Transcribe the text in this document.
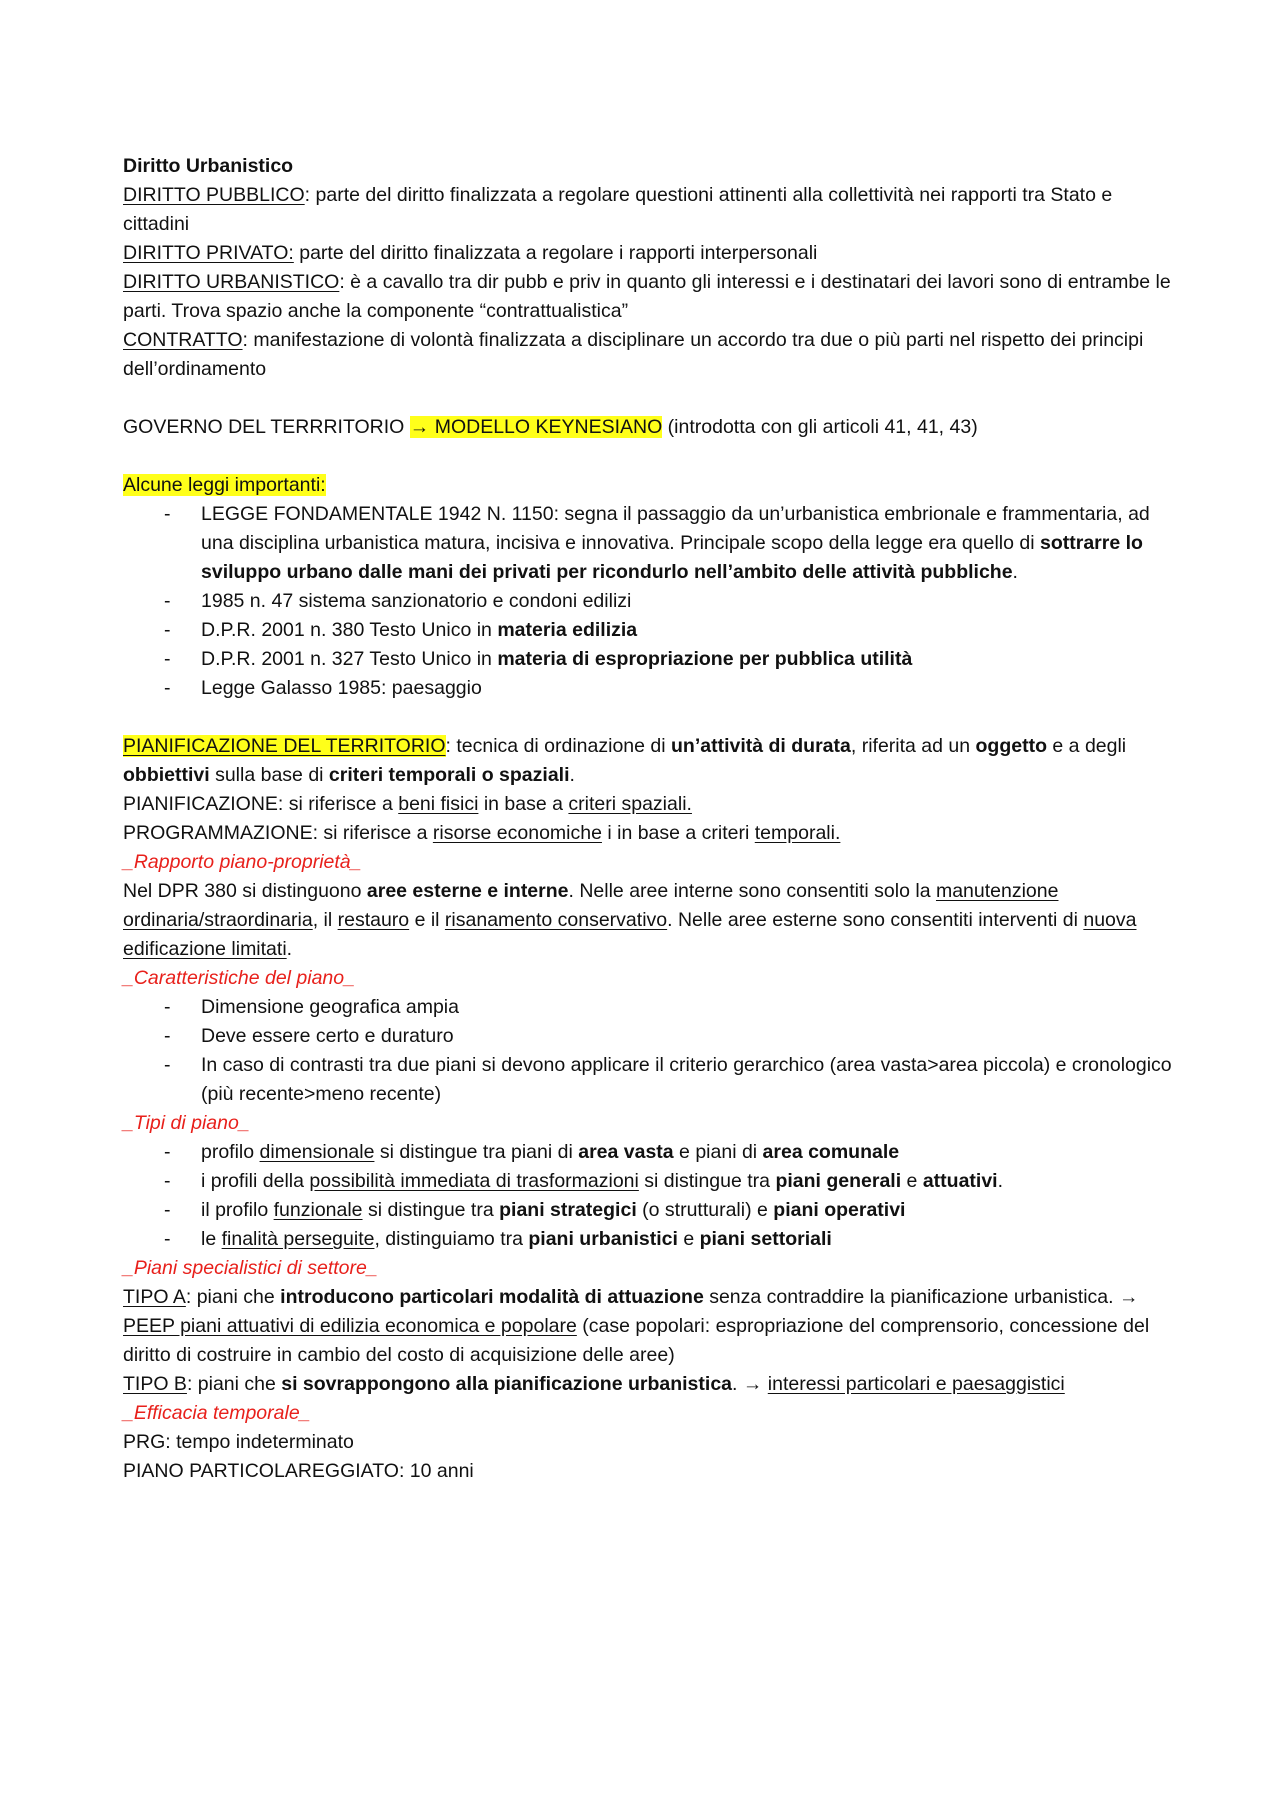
Diritto Urbanistico

DIRITTO PUBBLICO: parte del diritto finalizzata a regolare questioni attinenti alla collettività nei rapporti tra Stato e cittadini

DIRITTO PRIVATO: parte del diritto finalizzata a regolare i rapporti interpersonali

DIRITTO URBANISTICO: è a cavallo tra dir pubb e priv in quanto gli interessi e i destinatari dei lavori sono di entrambe le parti. Trova spazio anche la componente “contrattualistica”

CONTRATTO: manifestazione di volontà finalizzata a disciplinare un accordo tra due o più parti nel rispetto dei principi dell’ordinamento

GOVERNO DEL TERRRITORIO → MODELLO KEYNESIANO (introdotta con gli articoli 41, 41, 43)

Alcune leggi importanti:

- LEGGE FONDAMENTALE 1942 N. 1150: segna il passaggio da un’urbanistica embrionale e frammentaria, ad una disciplina urbanistica matura, incisiva e innovativa. Principale scopo della legge era quello di sottrarre lo sviluppo urbano dalle mani dei privati per ricondurlo nell’ambito delle attività pubbliche.
- 1985 n. 47 sistema sanzionatorio e condoni edilizi
- D.P.R. 2001 n. 380 Testo Unico in materia edilizia
- D.P.R. 2001 n. 327 Testo Unico in materia di espropriazione per pubblica utilità
- Legge Galasso 1985: paesaggio

PIANIFICAZIONE DEL TERRITORIO: tecnica di ordinazione di un’attività di durata, riferita ad un oggetto e a degli obbiettivi sulla base di criteri temporali o spaziali.

PIANIFICAZIONE: si riferisce a beni fisici in base a criteri spaziali.

PROGRAMMAZIONE: si riferisce a risorse economiche i in base a criteri temporali.

_Rapporto piano-proprietà_

Nel DPR 380 si distinguono aree esterne e interne. Nelle aree interne sono consentiti solo la manutenzione ordinaria/straordinaria, il restauro e il risanamento conservativo. Nelle aree esterne sono consentiti interventi di nuova edificazione limitati.

_Caratteristiche del piano_

- Dimensione geografica ampia
- Deve essere certo e duraturo
- In caso di contrasti tra due piani si devono applicare il criterio gerarchico (area vasta>area piccola) e cronologico (più recente>meno recente)

_Tipi di piano_

- profilo dimensionale si distingue tra piani di area vasta e piani di area comunale
- i profili della possibilità immediata di trasformazioni si distingue tra piani generali e attuativi.
- il profilo funzionale si distingue tra piani strategici (o strutturali) e piani operativi
- le finalità perseguite, distinguiamo tra piani urbanistici e piani settoriali

_Piani specialistici di settore_

TIPO A: piani che introducono particolari modalità di attuazione senza contraddire la pianificazione urbanistica. → PEEP piani attuativi di edilizia economica e popolare (case popolari: espropriazione del comprensorio, concessione del diritto di costruire in cambio del costo di acquisizione delle aree)

TIPO B: piani che si sovrappongono alla pianificazione urbanistica. → interessi particolari e paesaggistici

_Efficacia temporale_

PRG: tempo indeterminato

PIANO PARTICOLAREGGIATO: 10 anni
